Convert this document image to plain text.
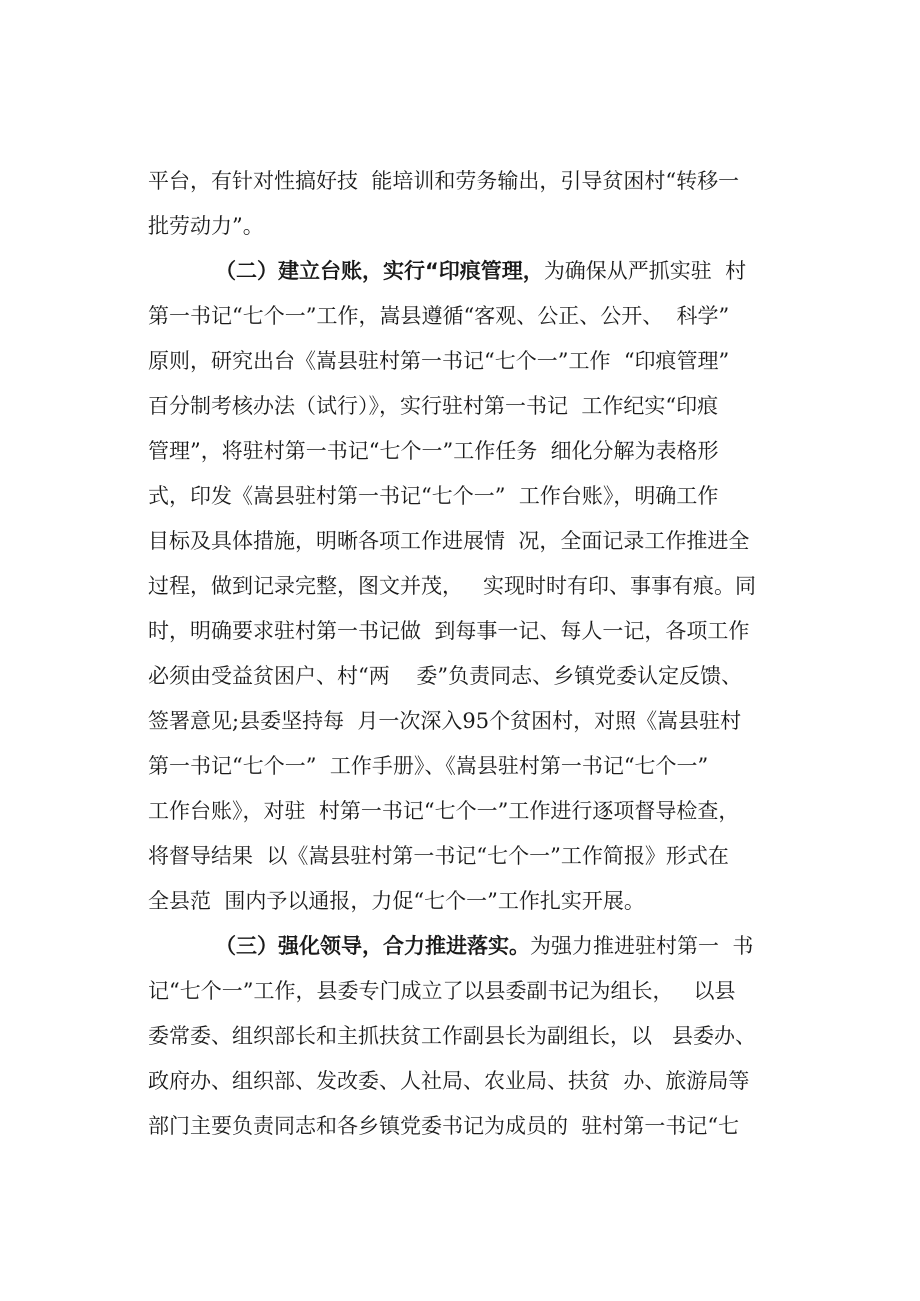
平台，有针对性搞好技  能培训和劳务输出，引导贫困村“转移一
批劳动力”。
（二）建立台账，实行“印痕管理，为确保从严抓实驻  村
第一书记“七个一”工作，嵩县遵循“客观、公正、公开、  科学”
原则，研究出台《嵩县驻村第一书记“七个一”工作  “印痕管理”
百分制考核办法（试行）》，实行驻村第一书记  工作纪实“印痕
管理”，将驻村第一书记“七个一”工作任务  细化分解为表格形
式，印发《嵩县驻村第一书记“七个一”  工作台账》，明确工作
目标及具体措施，明晰各项工作进展情  况，全面记录工作推进全
过程，做到记录完整，图文并茂，   实现时时有印、事事有痕。同
时，明确要求驻村第一书记做  到每事一记、每人一记，各项工作
必须由受益贫困户、村“两    委”负责同志、乡镇党委认定反馈、
签署意见;县委坚持每  月一次深入95个贫困村，对照《嵩县驻村
第一书记“七个一”  工作手册》、《嵩县驻村第一书记“七个一”
工作台账》，对驻  村第一书记“七个一”工作进行逐项督导检查，
将督导结果  以《嵩县驻村第一书记“七个一”工作简报》形式在
全县范  围内予以通报，力促“七个一”工作扎实开展。
（三）强化领导，合力推进落实。为强力推进驻村第一  书
记“七个一”工作，县委专门成立了以县委副书记为组长，   以县
委常委、组织部长和主抓扶贫工作副县长为副组长，以   县委办、
政府办、组织部、发改委、人社局、农业局、扶贫  办、旅游局等
部门主要负责同志和各乡镇党委书记为成员的  驻村第一书记“七
